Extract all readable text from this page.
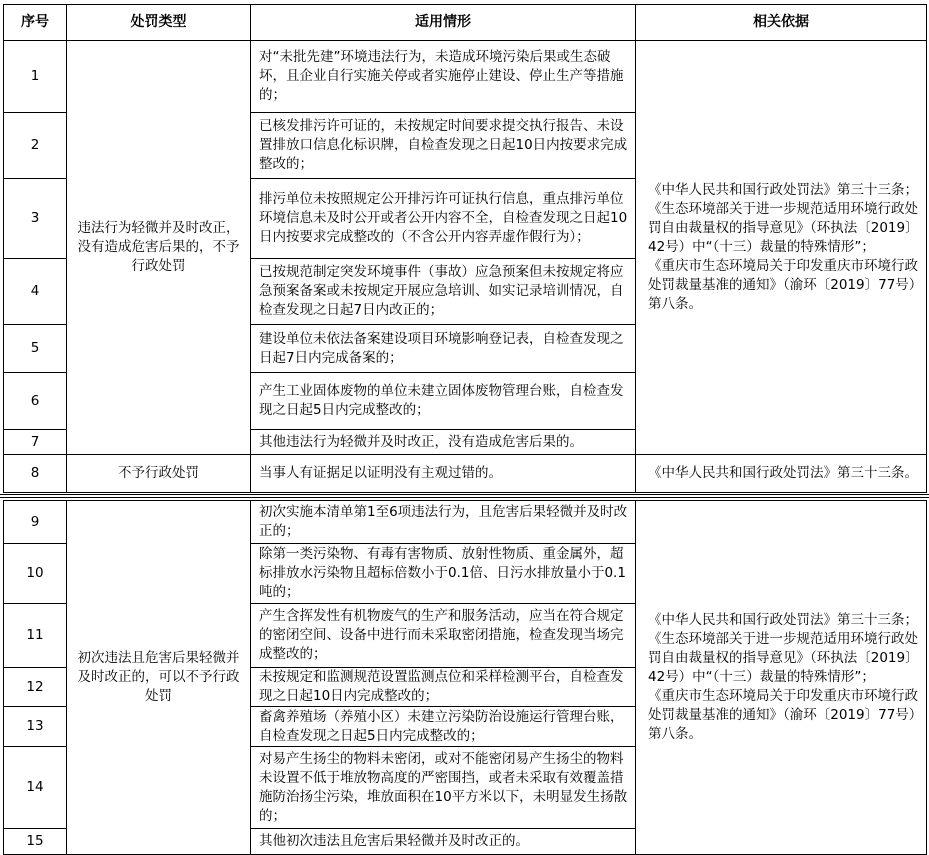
序号	处罚类型	适用情形	相关依据
1	违法行为轻微并及时改正，没有造成危害后果的，不予行政处罚	对“未批先建”环境违法行为，未造成环境污染后果或生态破坏，且企业自行实施关停或者实施停止建设、停止生产等措施的；	《中华人民共和国行政处罚法》第三十三条；
《生态环境部关于进一步规范适用环境行政处罚自由裁量权的指导意见》（环执法〔2019〕42号）中“（十三）裁量的特殊情形”；
《重庆市生态环境局关于印发重庆市环境行政处罚裁量基准的通知》（渝环〔2019〕77号）第八条。

2		已核发排污许可证的，未按规定时间要求提交执行报告、未设置排放口信息化标识牌，自检查发现之日起10日内按要求完成整改的；	
3		排污单位未按照规定公开排污许可证执行信息，重点排污单位环境信息未及时公开或者公开内容不全，自检查发现之日起10日内按要求完成整改的（不含公开内容弄虚作假行为）；	
4		已按规范制定突发环境事件（事故）应急预案但未按规定将应急预案备案或未按规定开展应急培训、如实记录培训情况，自检查发现之日起7日内改正的；	
5		建设单位未依法备案建设项目环境影响登记表，自检查发现之日起7日内完成备案的；	
6		产生工业固体废物的单位未建立固体废物管理台账，自检查发现之日起5日内完成整改的；	
7		其他违法行为轻微并及时改正，没有造成危害后果的。	
8	不予行政处罚	当事人有证据足以证明没有主观过错的。	《中华人民共和国行政处罚法》第三十三条。
9	初次违法且危害后果轻微并及时改正的，可以不予行政处罚	初次实施本清单第1至6项违法行为，且危害后果轻微并及时改正的；	《中华人民共和国行政处罚法》第三十三条；
《生态环境部关于进一步规范适用环境行政处罚自由裁量权的指导意见》（环执法〔2019〕42号）中“（十三）裁量的特殊情形”；
《重庆市生态环境局关于印发重庆市环境行政处罚裁量基准的通知》（渝环〔2019〕77号）第八条。

10		除第一类污染物、有毒有害物质、放射性物质、重金属外，超标排放水污染物且超标倍数小于0.1倍、日污水排放量小于0.1吨的；	
11		产生含挥发性有机物废气的生产和服务活动，应当在符合规定的密闭空间、设备中进行而未采取密闭措施，检查发现当场完成整改的；	
12		未按规定和监测规范设置监测点位和采样检测平台，自检查发现之日起10日内完成整改的；	
13		畜禽养殖场（养殖小区）未建立污染防治设施运行管理台账，自检查发现之日起5日内完成整改的；	
14		对易产生扬尘的物料未密闭，或对不能密闭易产生扬尘的物料未设置不低于堆放物高度的严密围挡，或者未采取有效覆盖措施防治扬尘污染，堆放面积在10平方米以下，未明显发生扬散的；	
15		其他初次违法且危害后果轻微并及时改正的。	
